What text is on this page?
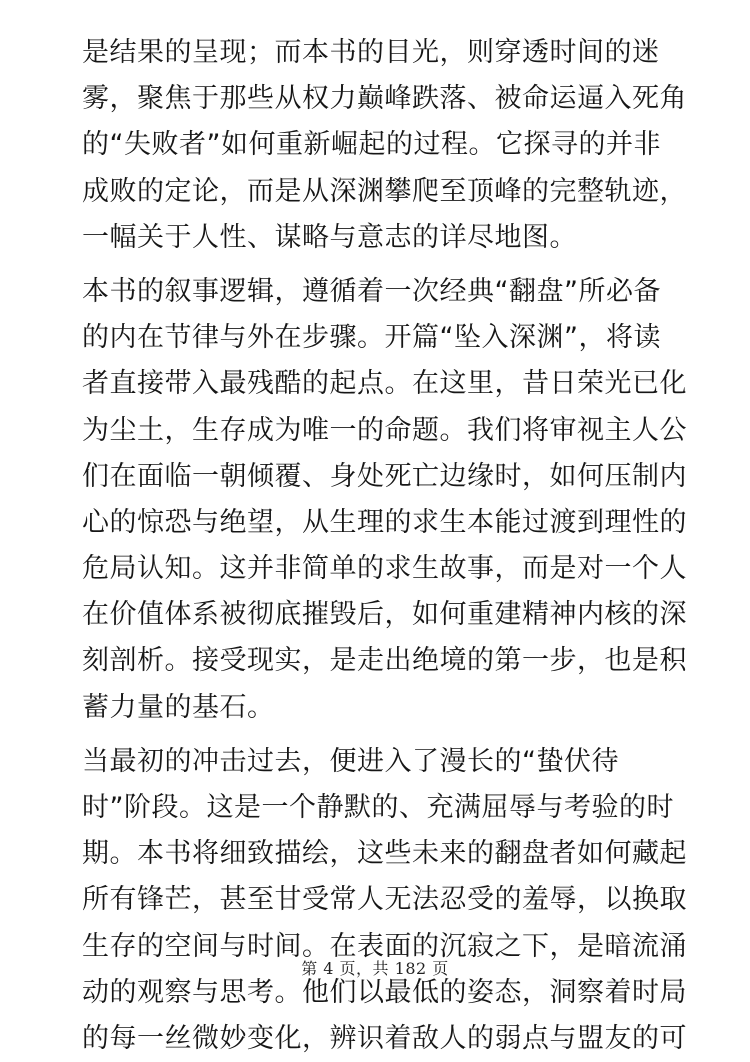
是结果的呈现；而本书的目光，则穿透时间的迷
雾，聚焦于那些从权力巅峰跌落、被命运逼入死角
的“失败者”如何重新崛起的过程。它探寻的并非
成败的定论，而是从深渊攀爬至顶峰的完整轨迹，
一幅关于人性、谋略与意志的详尽地图。

本书的叙事逻辑，遵循着一次经典“翻盘”所必备
的内在节律与外在步骤。开篇“坠入深渊”，将读
者直接带入最残酷的起点。在这里，昔日荣光已化
为尘土，生存成为唯一的命题。我们将审视主人公
们在面临一朝倾覆、身处死亡边缘时，如何压制内
心的惊恐与绝望，从生理的求生本能过渡到理性的
危局认知。这并非简单的求生故事，而是对一个人
在价值体系被彻底摧毁后，如何重建精神内核的深
刻剖析。接受现实，是走出绝境的第一步，也是积
蓄力量的基石。

当最初的冲击过去，便进入了漫长的“蛰伏待
时”阶段。这是一个静默的、充满屈辱与考验的时
期。本书将细致描绘，这些未来的翻盘者如何藏起
所有锋芒，甚至甘受常人无法忍受的羞辱，以换取
生存的空间与时间。在表面的沉寂之下，是暗流涌
动的观察与思考。他们以最低的姿态，洞察着时局
的每一丝微妙变化，辨识着敌人的弱点与盟友的可

第 4 页，共 182 页
